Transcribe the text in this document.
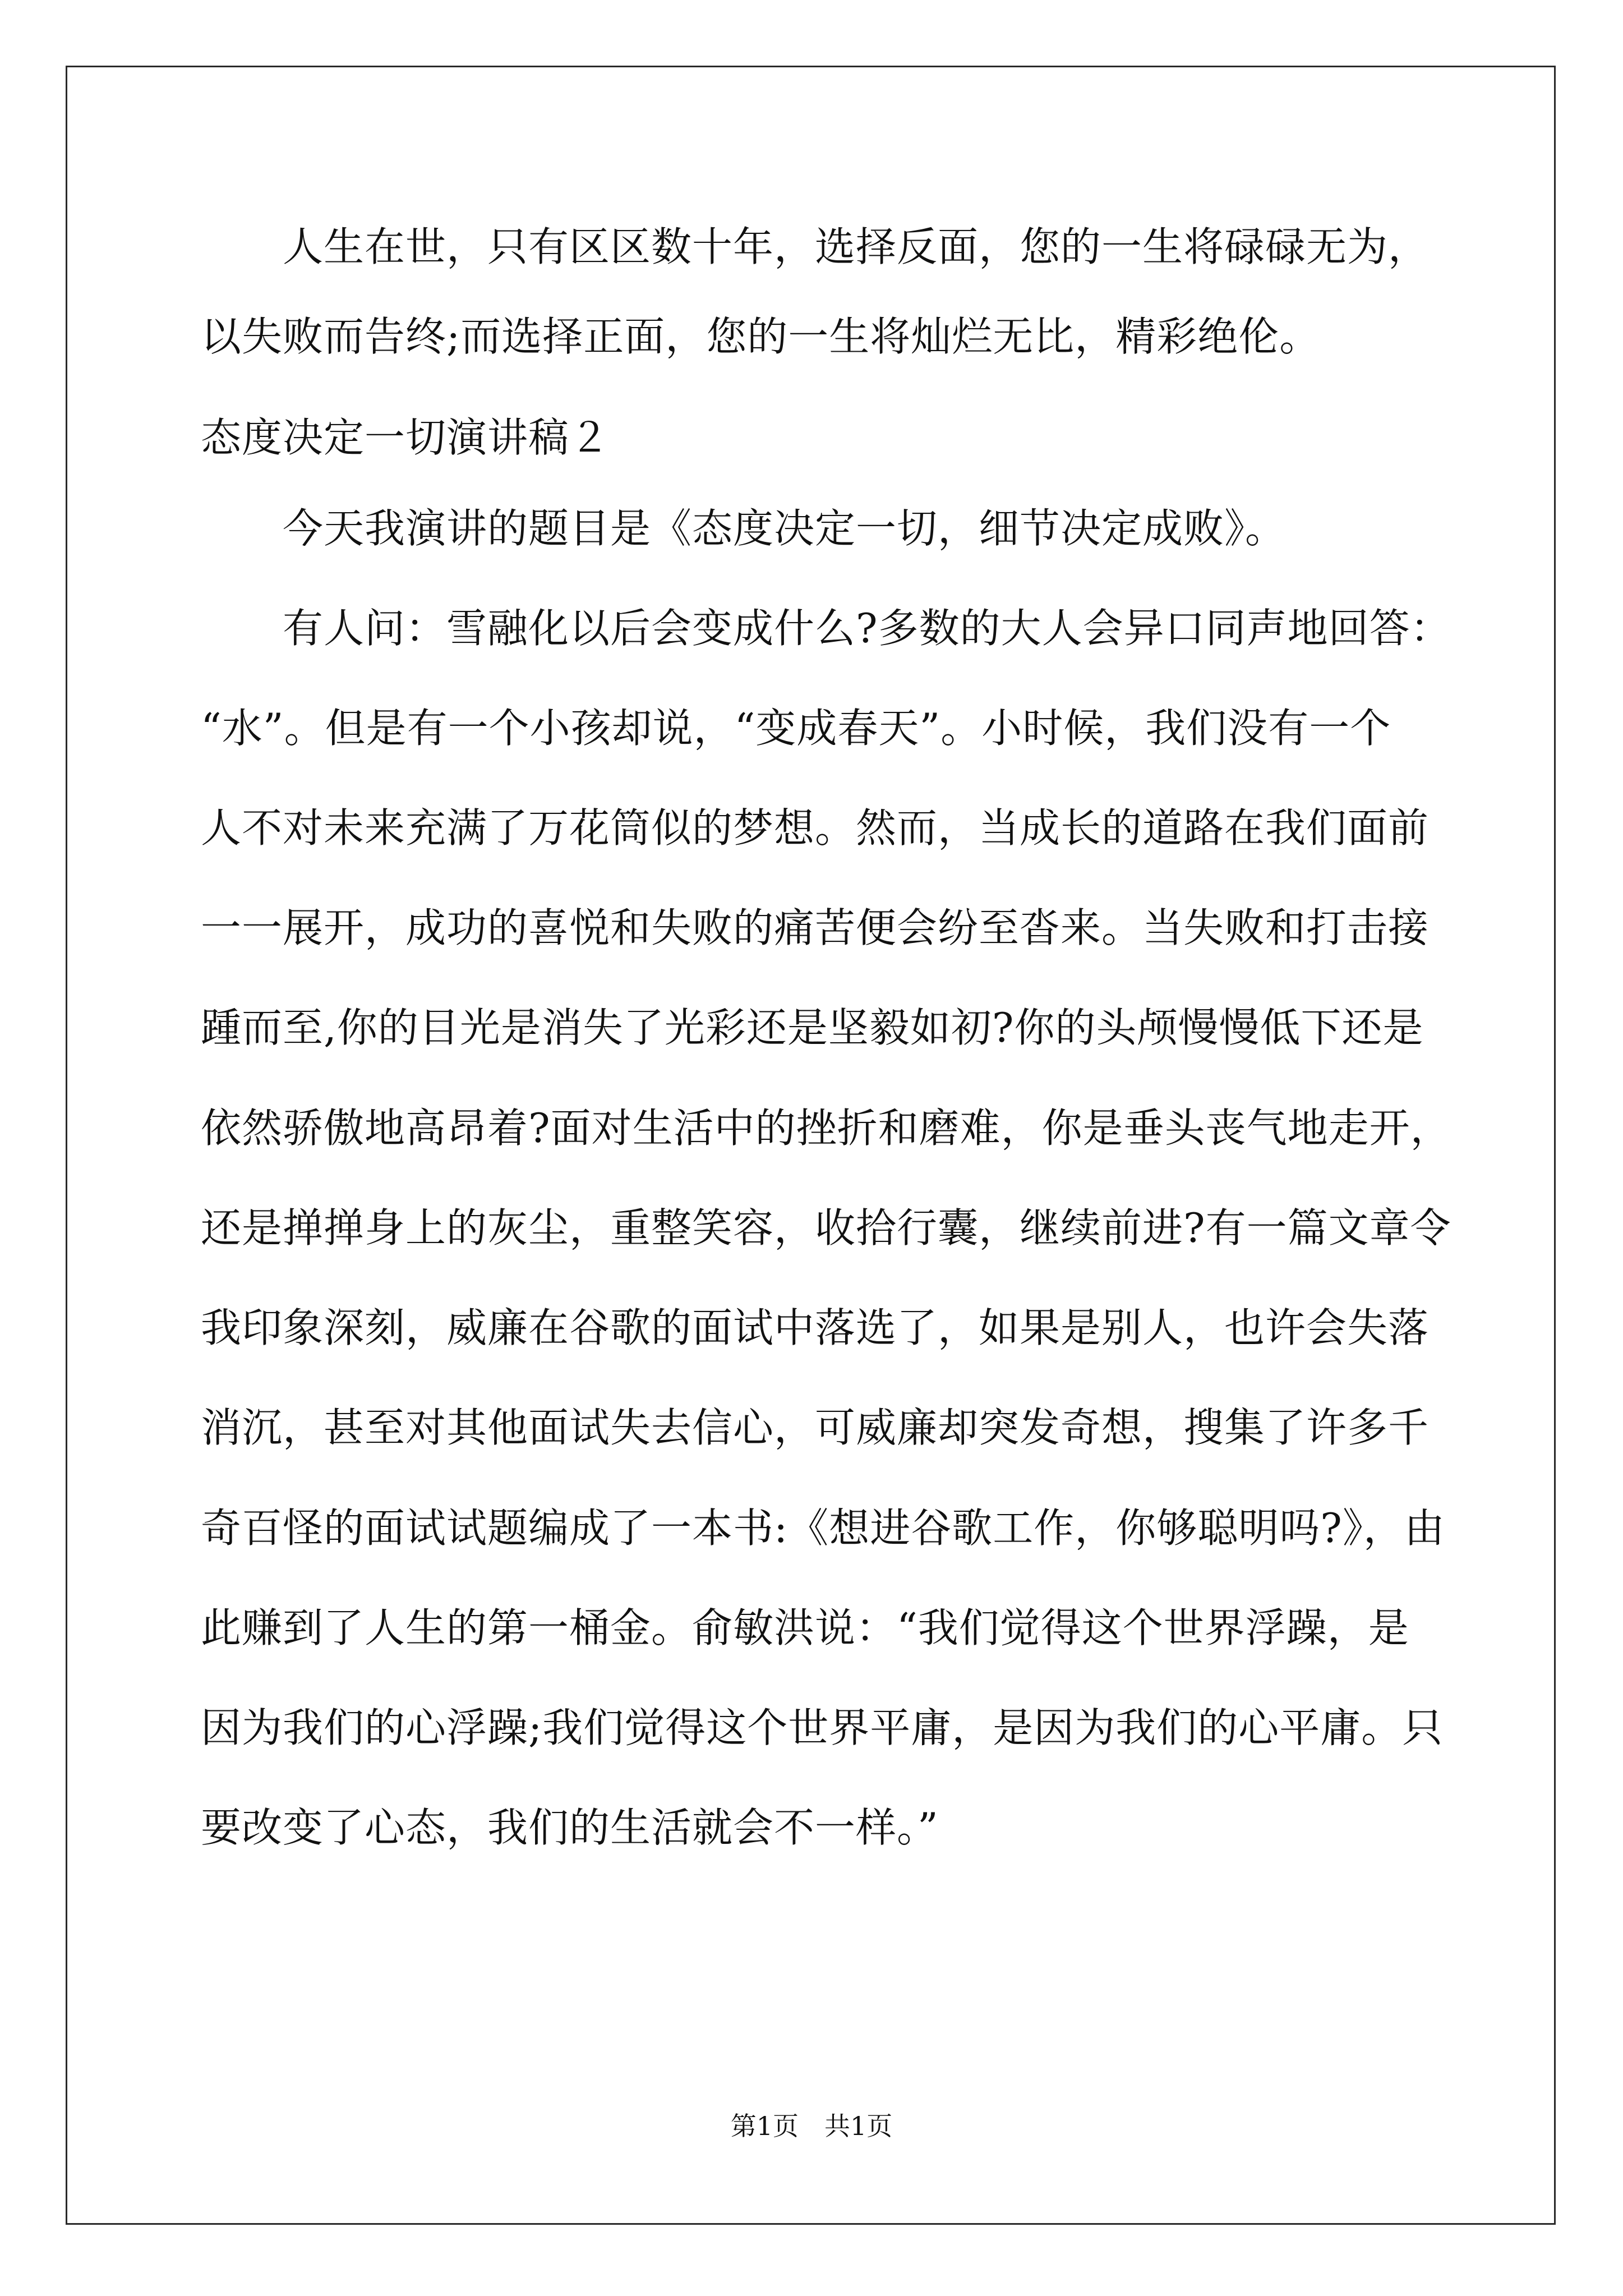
　　人生在世，只有区区数十年，选择反面，您的一生将碌碌无为，
以失败而告终;而选择正面，您的一生将灿烂无比，精彩绝伦。
态度决定一切演讲稿２
　　今天我演讲的题目是《态度决定一切，细节决定成败》。
　　有人问：雪融化以后会变成什么?多数的大人会异口同声地回答：
“水”。但是有一个小孩却说，“变成春天”。小时候，我们没有一个
人不对未来充满了万花筒似的梦想。然而，当成长的道路在我们面前
一一展开，成功的喜悦和失败的痛苦便会纷至沓来。当失败和打击接
踵而至,你的目光是消失了光彩还是坚毅如初?你的头颅慢慢低下还是
依然骄傲地高昂着?面对生活中的挫折和磨难，你是垂头丧气地走开，
还是掸掸身上的灰尘，重整笑容，收拾行囊，继续前进?有一篇文章令
我印象深刻，威廉在谷歌的面试中落选了，如果是别人，也许会失落
消沉，甚至对其他面试失去信心，可威廉却突发奇想，搜集了许多千
奇百怪的面试试题编成了一本书:《想进谷歌工作，你够聪明吗?》，由
此赚到了人生的第一桶金。俞敏洪说：“我们觉得这个世界浮躁，是
因为我们的心浮躁;我们觉得这个世界平庸，是因为我们的心平庸。只
要改变了心态，我们的生活就会不一样。”
第1页　共1页
